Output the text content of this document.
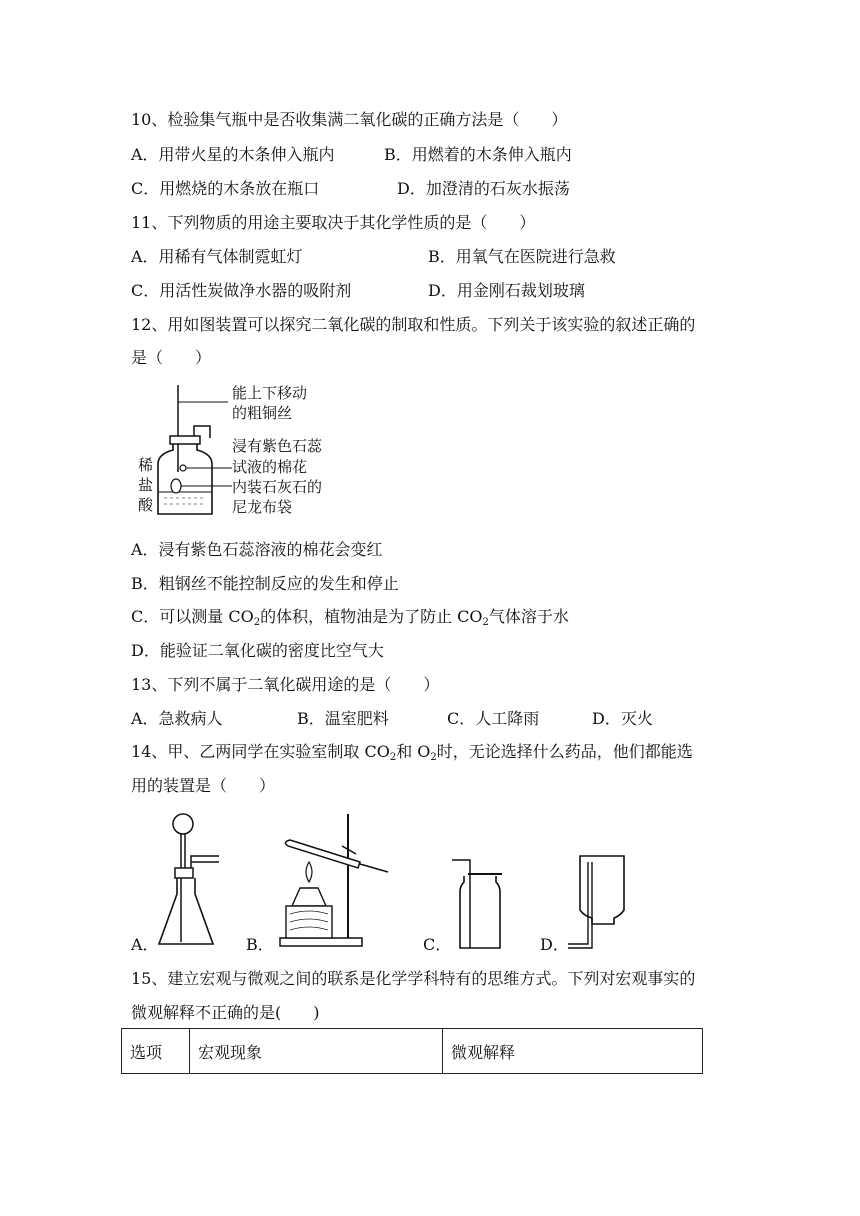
10、检验集气瓶中是否收集满二氧化碳的正确方法是（　　）
A．用带火星的木条伸入瓶内	B．用燃着的木条伸入瓶内
C．用燃烧的木条放在瓶口	D．加澄清的石灰水振荡
11、下列物质的用途主要取决于其化学性质的是（　　）
A．用稀有气体制霓虹灯	B．用氧气在医院进行急救
C．用活性炭做净水器的吸附剂	D．用金刚石裁划玻璃
12、用如图装置可以探究二氧化碳的制取和性质。下列关于该实验的叙述正确的
是（　　）
能上下移动
的粗铜丝
浸有紫色石蕊
试液的棉花
内装石灰石的
尼龙布袋
稀
盐
酸
A．浸有紫色石蕊溶液的棉花会变红
B．粗钢丝不能控制反应的发生和停止
C．可以测量 $CO_2$的体积，植物油是为了防止 $CO_2$气体溶于水
D．能验证二氧化碳的密度比空气大
13、下列不属于二氧化碳用途的是（　　）
A．急救病人	B．温室肥料	C．人工降雨	D．灭火
14、甲、乙两同学在实验室制取 $CO_2$和 $O_2$时，无论选择什么药品，他们都能选
用的装置是（　　）
A．	B．	C．	D．
15、建立宏观与微观之间的联系是化学学科特有的思维方式。下列对宏观事实的
微观解释不正确的是(　　)
选项	宏观现象	微观解释
